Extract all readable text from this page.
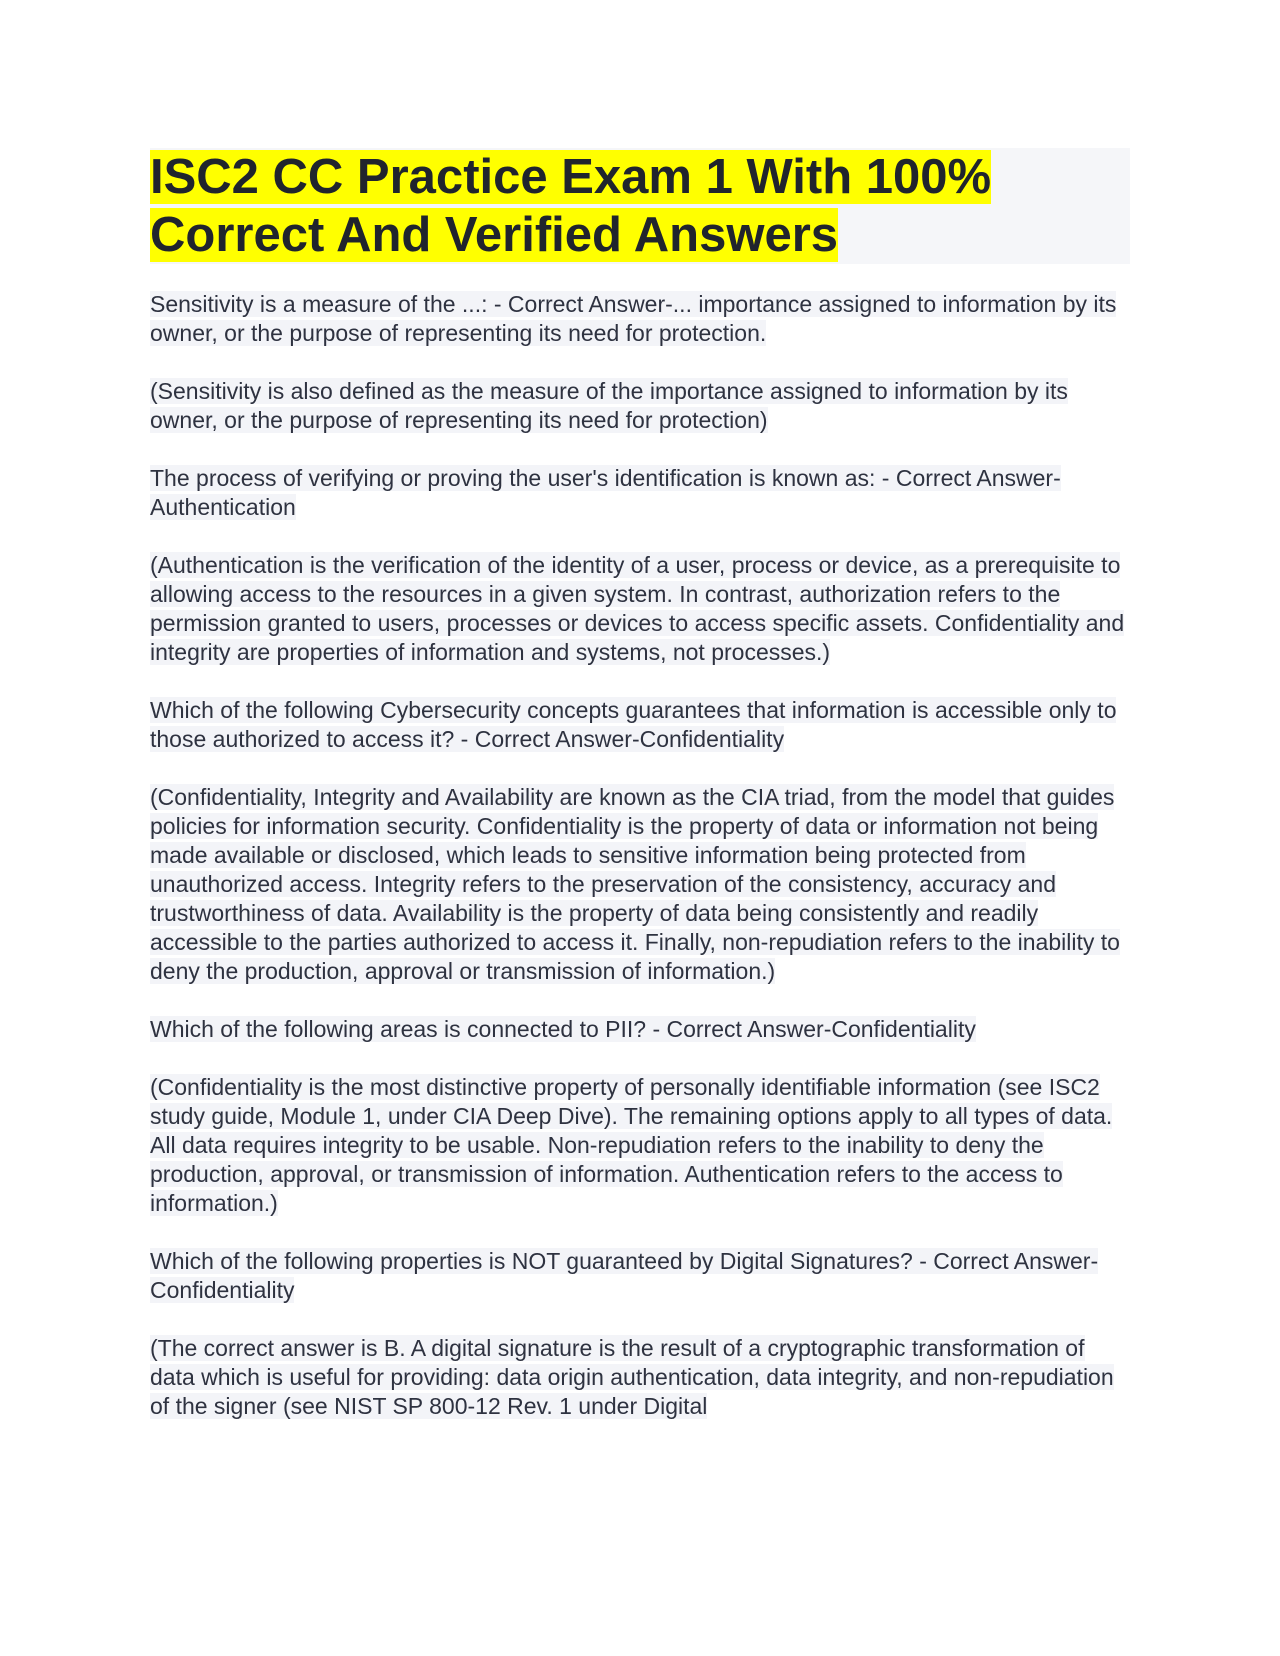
ISC2 CC Practice Exam 1 With 100%
Correct And Verified Answers

Sensitivity is a measure of the ...: - Correct Answer-... importance assigned to information by its owner, or the purpose of representing its need for protection.

(Sensitivity is also defined as the measure of the importance assigned to information by its owner, or the purpose of representing its need for protection)

The process of verifying or proving the user's identification is known as: - Correct Answer-Authentication

(Authentication is the verification of the identity of a user, process or device, as a prerequisite to allowing access to the resources in a given system. In contrast, authorization refers to the permission granted to users, processes or devices to access specific assets. Confidentiality and integrity are properties of information and systems, not processes.)

Which of the following Cybersecurity concepts guarantees that information is accessible only to those authorized to access it? - Correct Answer-Confidentiality

(Confidentiality, Integrity and Availability are known as the CIA triad, from the model that guides policies for information security. Confidentiality is the property of data or information not being made available or disclosed, which leads to sensitive information being protected from unauthorized access. Integrity refers to the preservation of the consistency, accuracy and trustworthiness of data. Availability is the property of data being consistently and readily accessible to the parties authorized to access it. Finally, non-repudiation refers to the inability to deny the production, approval or transmission of information.)

Which of the following areas is connected to PII? - Correct Answer-Confidentiality

(Confidentiality is the most distinctive property of personally identifiable information (see ISC2 study guide, Module 1, under CIA Deep Dive). The remaining options apply to all types of data. All data requires integrity to be usable. Non-repudiation refers to the inability to deny the production, approval, or transmission of information. Authentication refers to the access to information.)

Which of the following properties is NOT guaranteed by Digital Signatures? - Correct Answer-Confidentiality

(The correct answer is B. A digital signature is the result of a cryptographic transformation of data which is useful for providing: data origin authentication, data integrity, and non-repudiation of the signer (see NIST SP 800-12 Rev. 1 under Digital
